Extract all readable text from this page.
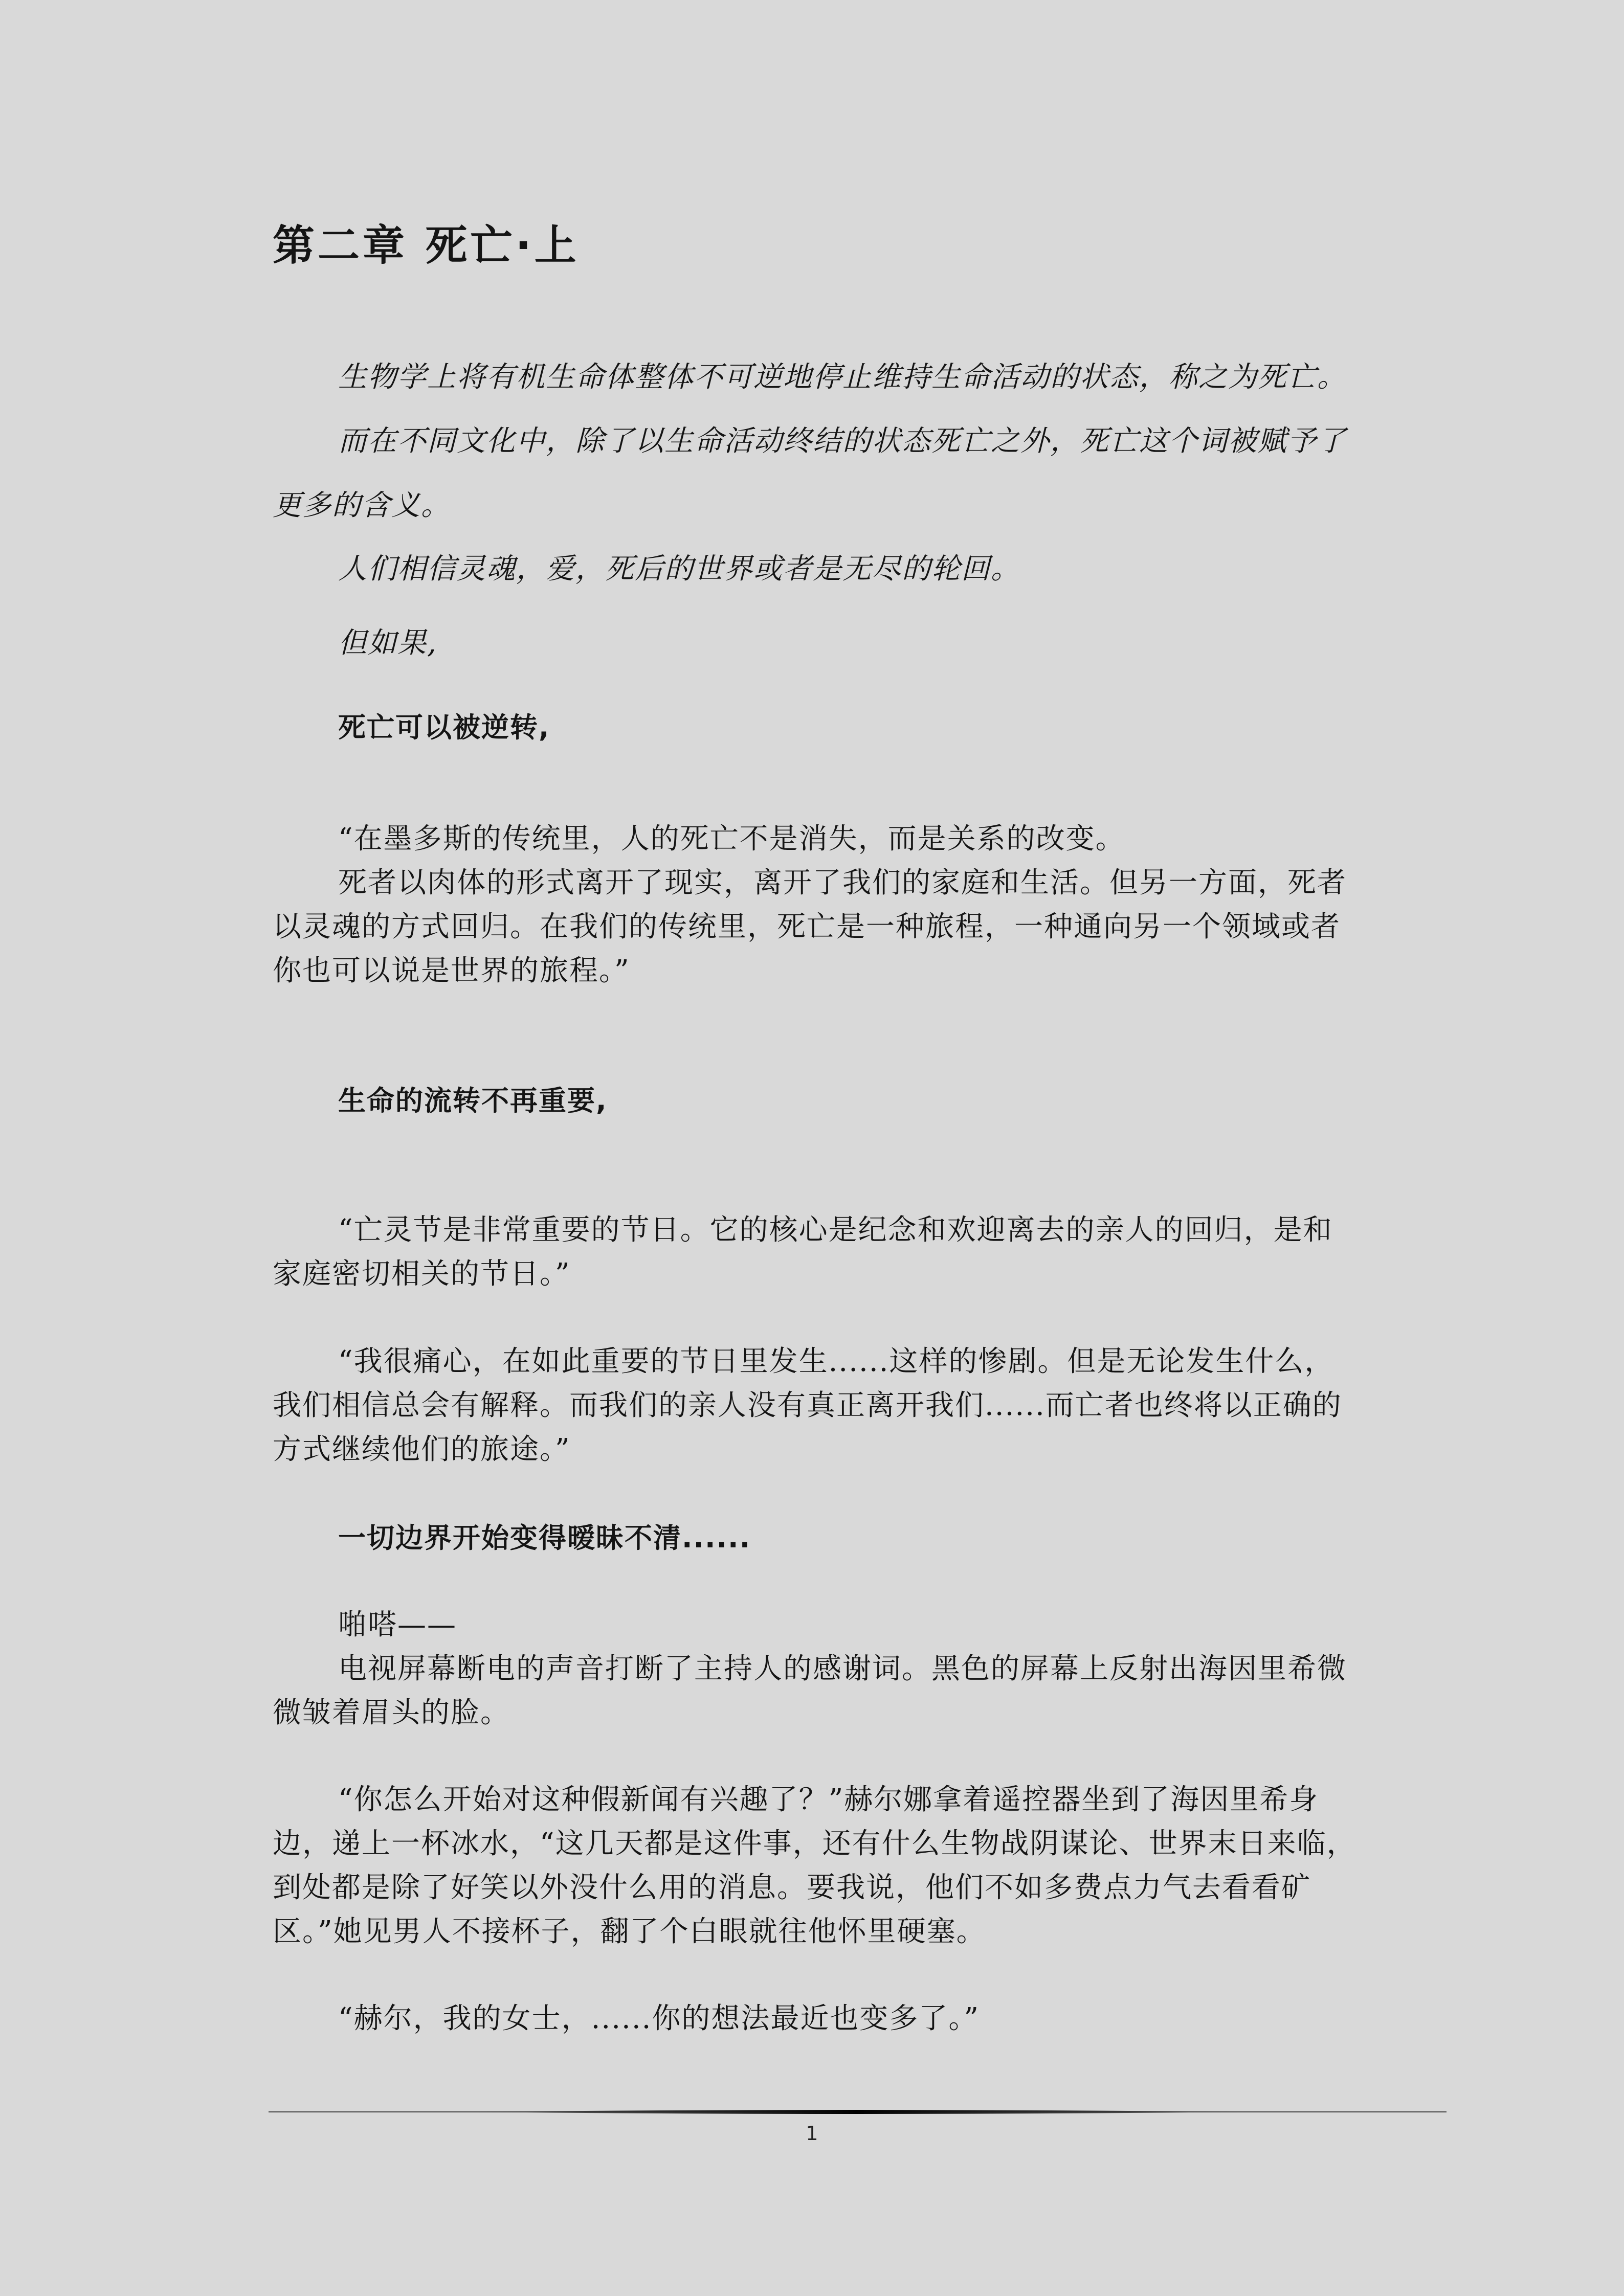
第二章 死亡·上

生物学上将有机生命体整体不可逆地停止维持生命活动的状态，称之为死亡。

而在不同文化中，除了以生命活动终结的状态死亡之外，死亡这个词被赋予了更多的含义。

人们相信灵魂，爱，死后的世界或者是无尽的轮回。

但如果,

死亡可以被逆转,

“在墨多斯的传统里，人的死亡不是消失，而是关系的改变。

死者以肉体的形式离开了现实，离开了我们的家庭和生活。但另一方面，死者以灵魂的方式回归。在我们的传统里，死亡是一种旅程，一种通向另一个领域或者你也可以说是世界的旅程。”

生命的流转不再重要,

“亡灵节是非常重要的节日。它的核心是纪念和欢迎离去的亲人的回归，是和家庭密切相关的节日。”

“我很痛心，在如此重要的节日里发生......这样的惨剧。但是无论发生什么，我们相信总会有解释。而我们的亲人没有真正离开我们......而亡者也终将以正确的方式继续他们的旅途。”

一切边界开始变得暧昧不清......

啪嗒——

电视屏幕断电的声音打断了主持人的感谢词。黑色的屏幕上反射出海因里希微微皱着眉头的脸。

“你怎么开始对这种假新闻有兴趣了？”赫尔娜拿着遥控器坐到了海因里希身边，递上一杯冰水，“这几天都是这件事，还有什么生物战阴谋论、世界末日来临，到处都是除了好笑以外没什么用的消息。要我说，他们不如多费点力气去看看矿区。”她见男人不接杯子，翻了个白眼就往他怀里硬塞。

“赫尔，我的女士，......你的想法最近也变多了。”

1
